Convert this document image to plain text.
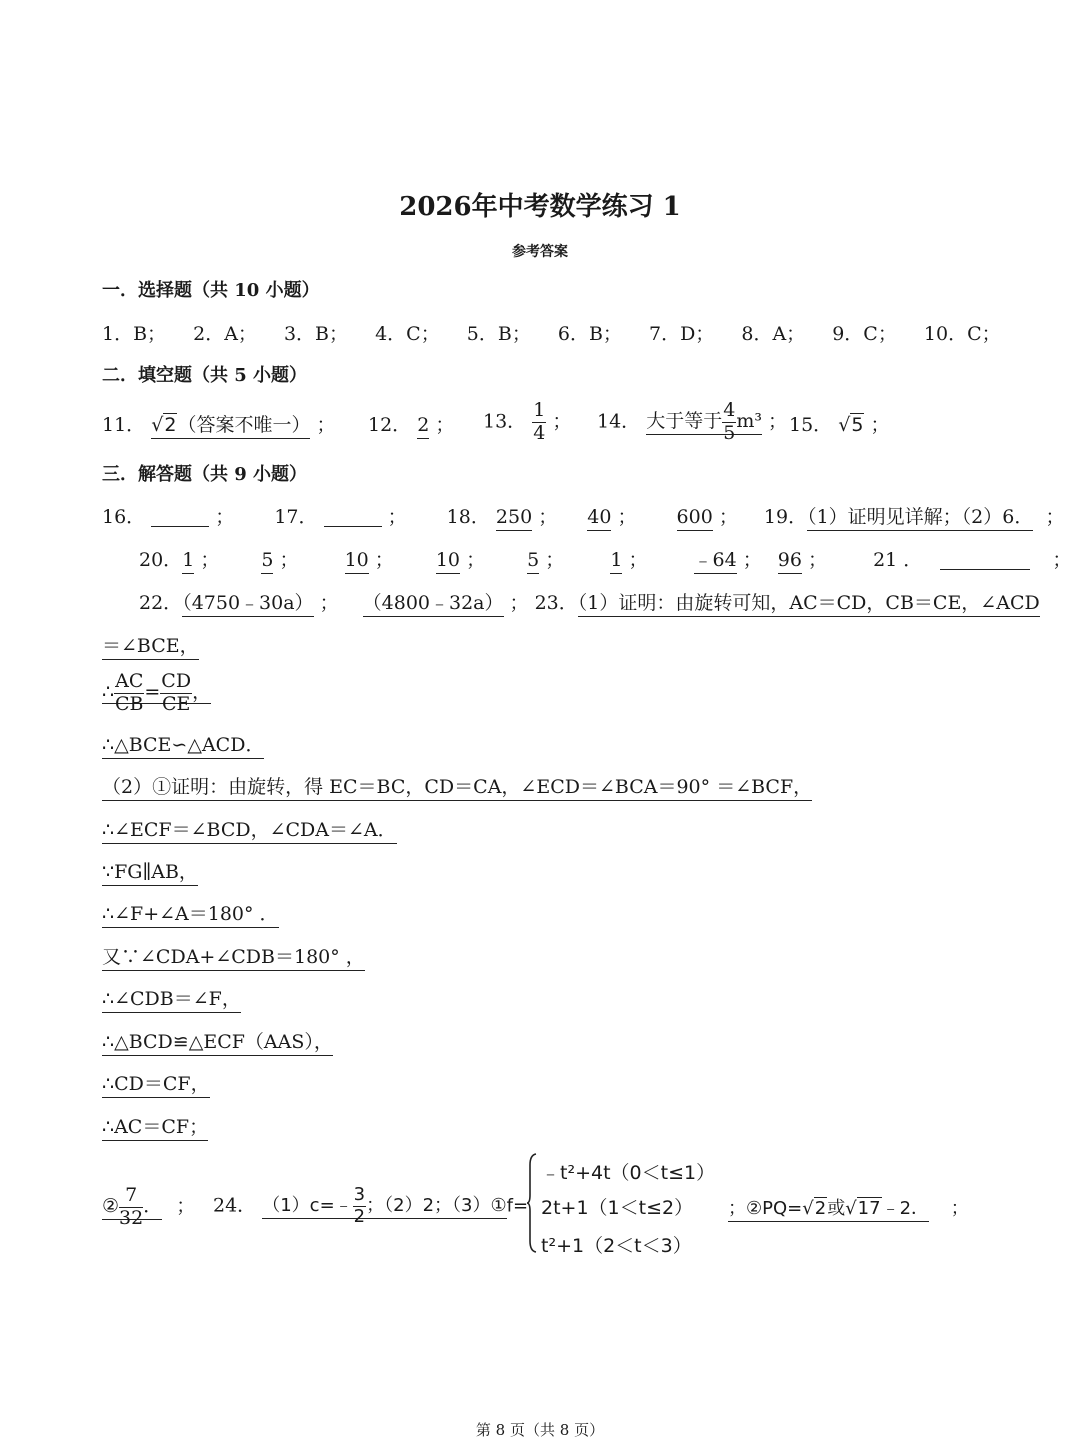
2026年中考数学练习 1
参考答案
一．选择题（共 10 小题）
1．B； 2．A； 3．B； 4．C； 5．B； 6．B； 7．D； 8．A； 9．C； 10．C；
二．填空题（共 5 小题）
11． √2（答案不唯一） ； 12． 2 ； 13． $\frac{1}{4}$ ； 14． 大于等于 $\frac{4}{5} m^3$ ； 15． √5 ；
三．解答题（共 9 小题）
16．	； 17．	； 18． 250 ； 40 ； 600 ； 19．（1）证明见详解；（2）6．  ；
20．1 ； 5 ； 10 ； 10 ； 5 ； 1 ； ﹣64 ； 96 ； 21 ．	；
22．（4750﹣30a） ； （4800﹣32a） ； 23．（1）证明：由旋转可知，AC＝CD，CB＝CE，∠ACD
＝∠BCE，
∴ $\frac{AC}{CB} = \frac{CD}{CE}$ ，
∴△BCE∽△ACD．
（2）①证明：由旋转，得 EC＝BC，CD＝CA，∠ECD＝∠BCA＝90° ＝∠BCF，
∴∠ECF＝∠BCD，∠CDA＝∠A．
∵FG∥AB，
∴∠F+∠A＝180° ．
又∵∠CDA+∠CDB＝180° ，
∴∠CDB＝∠F，
∴△BCD≌△ECF（AAS），
∴CD＝CF，
∴AC＝CF；
② $\frac{7}{32}$ ． ； 24． （1）c=﹣ $\frac{3}{2}$ ；（2）2；（3）①f=
﹣t²+4t（0＜t≤1）
2t+1（1＜t≤2）
t²+1（2＜t＜3）
；②PQ=√2或√17﹣2． ；
第 8 页（共 8 页）
